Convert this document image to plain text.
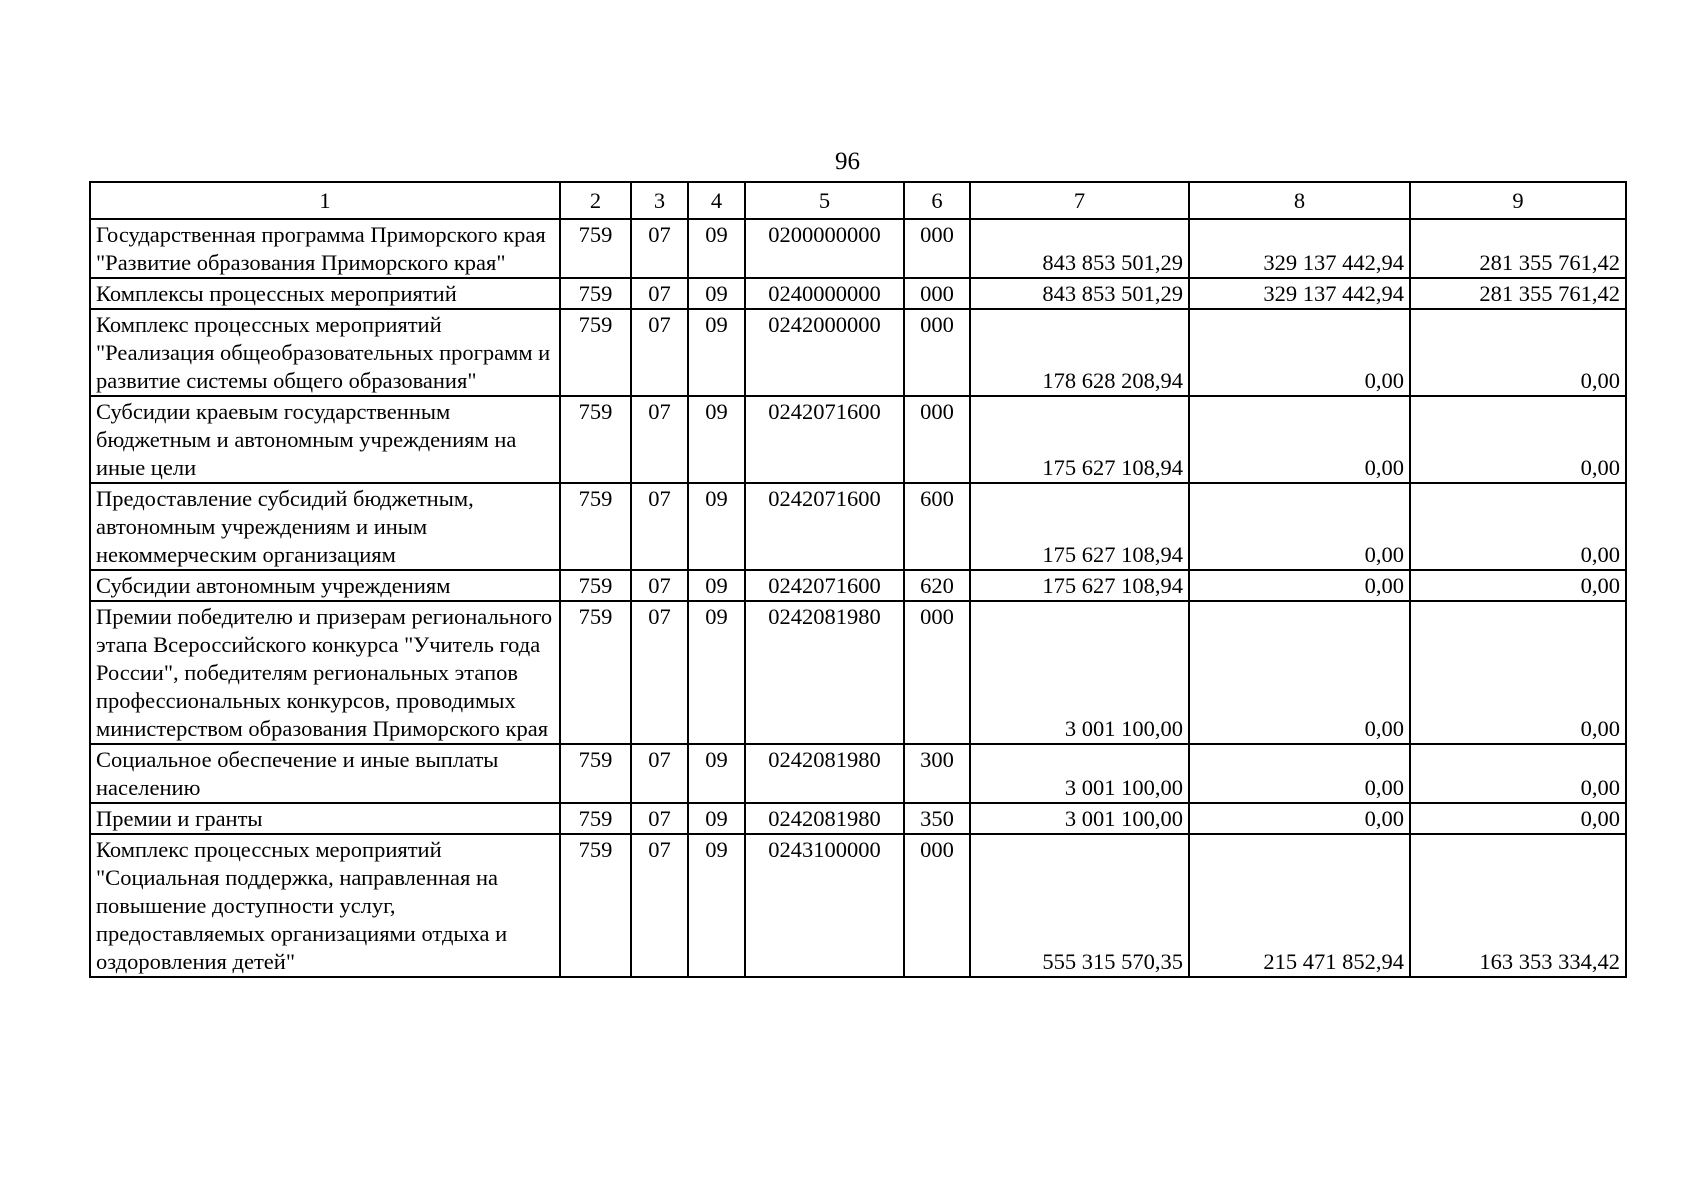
96
1	2	3	4	5	6	7	8	9
Государственная программа Приморского края "Развитие образования Приморского края"	759	07	09	0200000000	000	843 853 501,29	329 137 442,94	281 355 761,42
Комплексы процессных мероприятий	759	07	09	0240000000	000	843 853 501,29	329 137 442,94	281 355 761,42
Комплекс процессных мероприятий "Реализация общеобразовательных программ и развитие системы общего образования"	759	07	09	0242000000	000	178 628 208,94	0,00	0,00
Субсидии краевым государственным бюджетным и автономным учреждениям на иные цели	759	07	09	0242071600	000	175 627 108,94	0,00	0,00
Предоставление субсидий бюджетным, автономным учреждениям и иным некоммерческим организациям	759	07	09	0242071600	600	175 627 108,94	0,00	0,00
Субсидии автономным учреждениям	759	07	09	0242071600	620	175 627 108,94	0,00	0,00
Премии победителю и призерам регионального этапа Всероссийского конкурса "Учитель года России", победителям региональных этапов профессиональных конкурсов, проводимых министерством образования Приморского края	759	07	09	0242081980	000	3 001 100,00	0,00	0,00
Социальное обеспечение и иные выплаты населению	759	07	09	0242081980	300	3 001 100,00	0,00	0,00
Премии и гранты	759	07	09	0242081980	350	3 001 100,00	0,00	0,00
Комплекс процессных мероприятий "Социальная поддержка, направленная на повышение доступности услуг, предоставляемых организациями отдыха и оздоровления детей"	759	07	09	0243100000	000	555 315 570,35	215 471 852,94	163 353 334,42
